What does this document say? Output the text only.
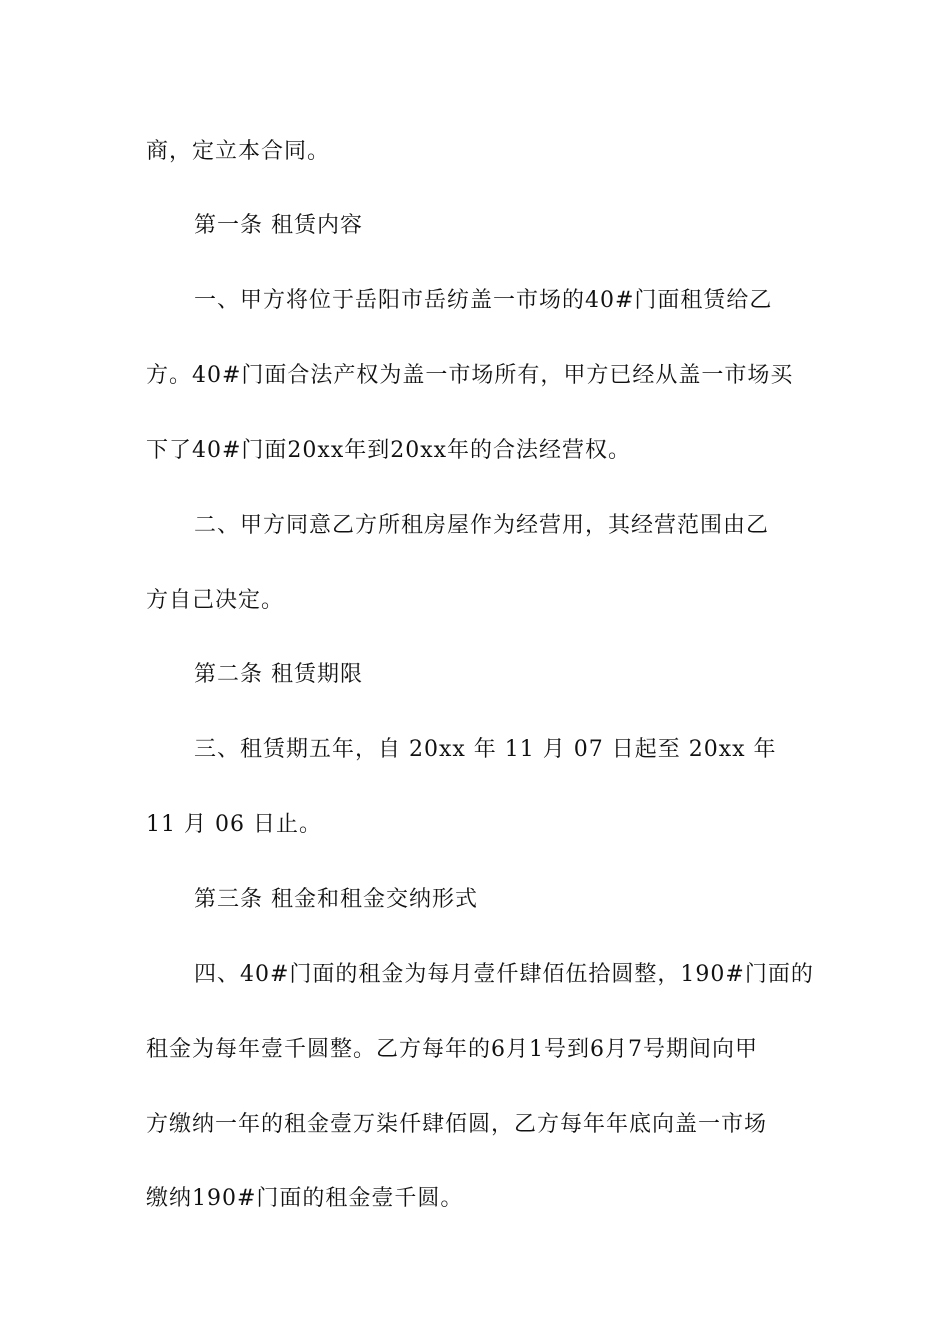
商，定立本合同。
第一条 租赁内容
一、甲方将位于岳阳市岳纺盖一市场的40#门面租赁给乙
方。40#门面合法产权为盖一市场所有，甲方已经从盖一市场买
下了40#门面20xx年到20xx年的合法经营权。
二、甲方同意乙方所租房屋作为经营用，其经营范围由乙
方自己决定。
第二条 租赁期限
三、租赁期五年，自 20xx 年 11 月 07 日起至 20xx 年
11 月 06 日止。
第三条 租金和租金交纳形式
四、40#门面的租金为每月壹仟肆佰伍拾圆整，190#门面的
租金为每年壹千圆整。乙方每年的6月1号到6月7号期间向甲
方缴纳一年的租金壹万柒仟肆佰圆，乙方每年年底向盖一市场
缴纳190#门面的租金壹千圆。
